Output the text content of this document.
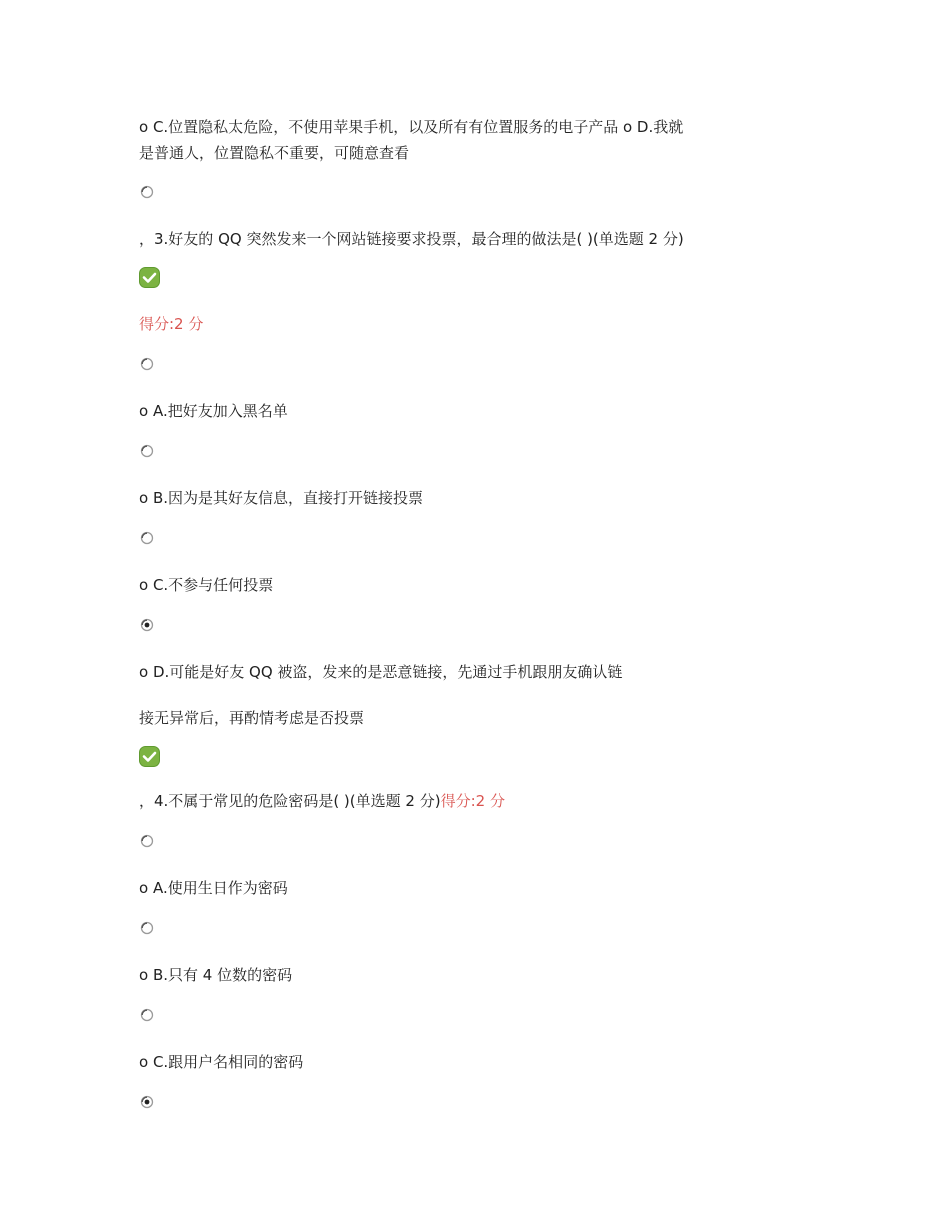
o C.位置隐私太危险，不使用苹果手机，以及所有有位置服务的电子产品 o D.我就
是普通人，位置隐私不重要，可随意查看
，3.好友的 QQ 突然发来一个网站链接要求投票，最合理的做法是( )(单选题 2 分)
得分:2 分
o A.把好友加入黑名单
o B.因为是其好友信息，直接打开链接投票
o C.不参与任何投票
o D.可能是好友 QQ 被盗，发来的是恶意链接，先通过手机跟朋友确认链
接无异常后，再酌情考虑是否投票
，4.不属于常见的危险密码是( )(单选题 2 分)得分:2 分
o A.使用生日作为密码
o B.只有 4 位数的密码
o C.跟用户名相同的密码
